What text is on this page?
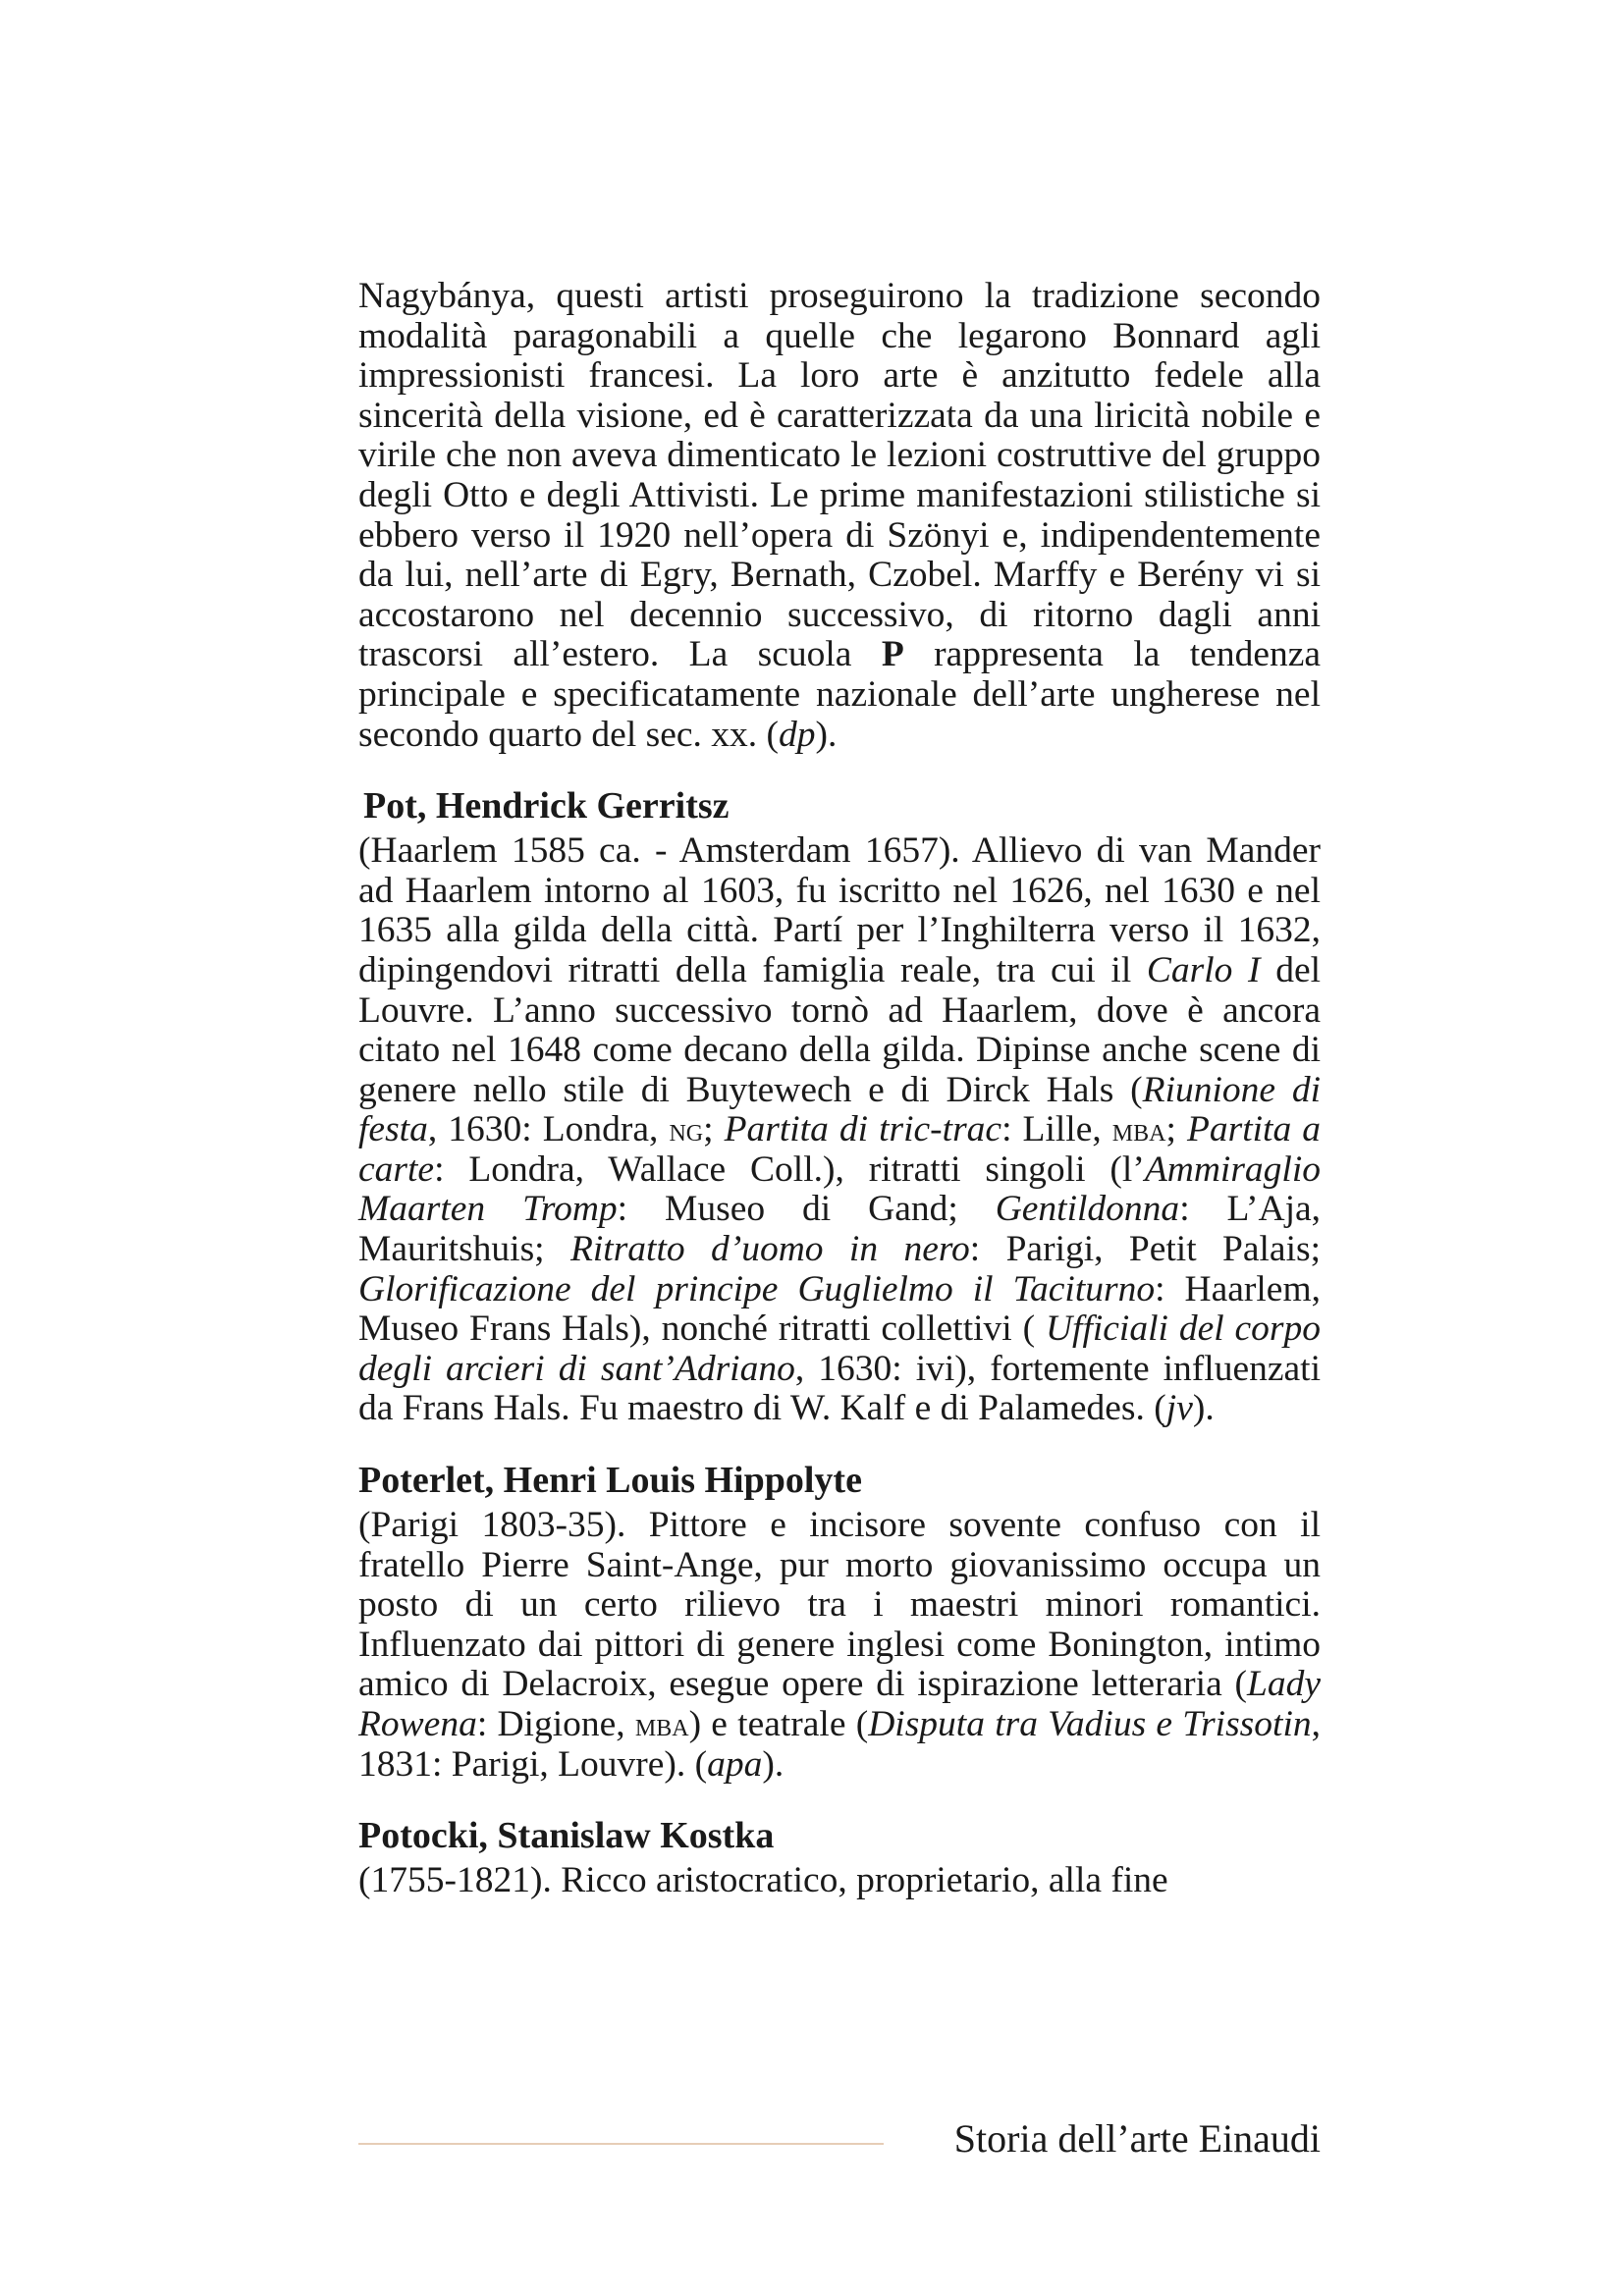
Nagybánya, questi artisti proseguirono la tradizione secondo modalità paragonabili a quelle che legarono Bonnard agli impressionisti francesi. La loro arte è anzitutto fedele alla sincerità della visione, ed è caratterizzata da una liricità nobile e virile che non aveva dimenticato le lezioni costruttive del gruppo degli Otto e degli Attivisti. Le prime manifestazioni stilistiche si ebbero verso il 1920 nell’opera di Szönyi e, indipendentemente da lui, nell’arte di Egry, Bernath, Czobel. Marffy e Berény vi si accostarono nel decennio successivo, di ritorno dagli anni trascorsi all’estero. La scuola P rappresenta la tendenza principale e specificatamente nazionale dell’arte ungherese nel secondo quarto del sec. xx. (dp).

Pot, Hendrick Gerritsz

(Haarlem 1585 ca. - Amsterdam 1657). Allievo di van Mander ad Haarlem intorno al 1603, fu iscritto nel 1626, nel 1630 e nel 1635 alla gilda della città. Partí per l’Inghilterra verso il 1632, dipingendovi ritratti della famiglia reale, tra cui il Carlo I del Louvre. L’anno successivo tornò ad Haarlem, dove è ancora citato nel 1648 come decano della gilda. Dipinse anche scene di genere nello stile di Buytewech e di Dirck Hals (Riunione di festa, 1630: Londra, ng; Partita di tric-trac: Lille, mba; Partita a carte: Londra, Wallace Coll.), ritratti singoli (l’Ammiraglio Maarten Tromp: Museo di Gand; Gentildonna: L’Aja, Mauritshuis; Ritratto d’uomo in nero: Parigi, Petit Palais; Glorificazione del principe Guglielmo il Taciturno: Haarlem, Museo Frans Hals), nonché ritratti collettivi ( Ufficiali del corpo degli arcieri di sant’Adriano, 1630: ivi), fortemente influenzati da Frans Hals. Fu maestro di W. Kalf e di Palamedes. (jv).

Poterlet, Henri Louis Hippolyte

(Parigi 1803-35). Pittore e incisore sovente confuso con il fratello Pierre Saint-Ange, pur morto giovanissimo occupa un posto di un certo rilievo tra i maestri minori romantici. Influenzato dai pittori di genere inglesi come Bonington, intimo amico di Delacroix, esegue opere di ispirazione letteraria (Lady Rowena: Digione, mba) e teatrale (Disputa tra Vadius e Trissotin, 1831: Parigi, Louvre). (apa).

Potocki, Stanislaw Kostka

(1755-1821). Ricco aristocratico, proprietario, alla fine

Storia dell’arte Einaudi
